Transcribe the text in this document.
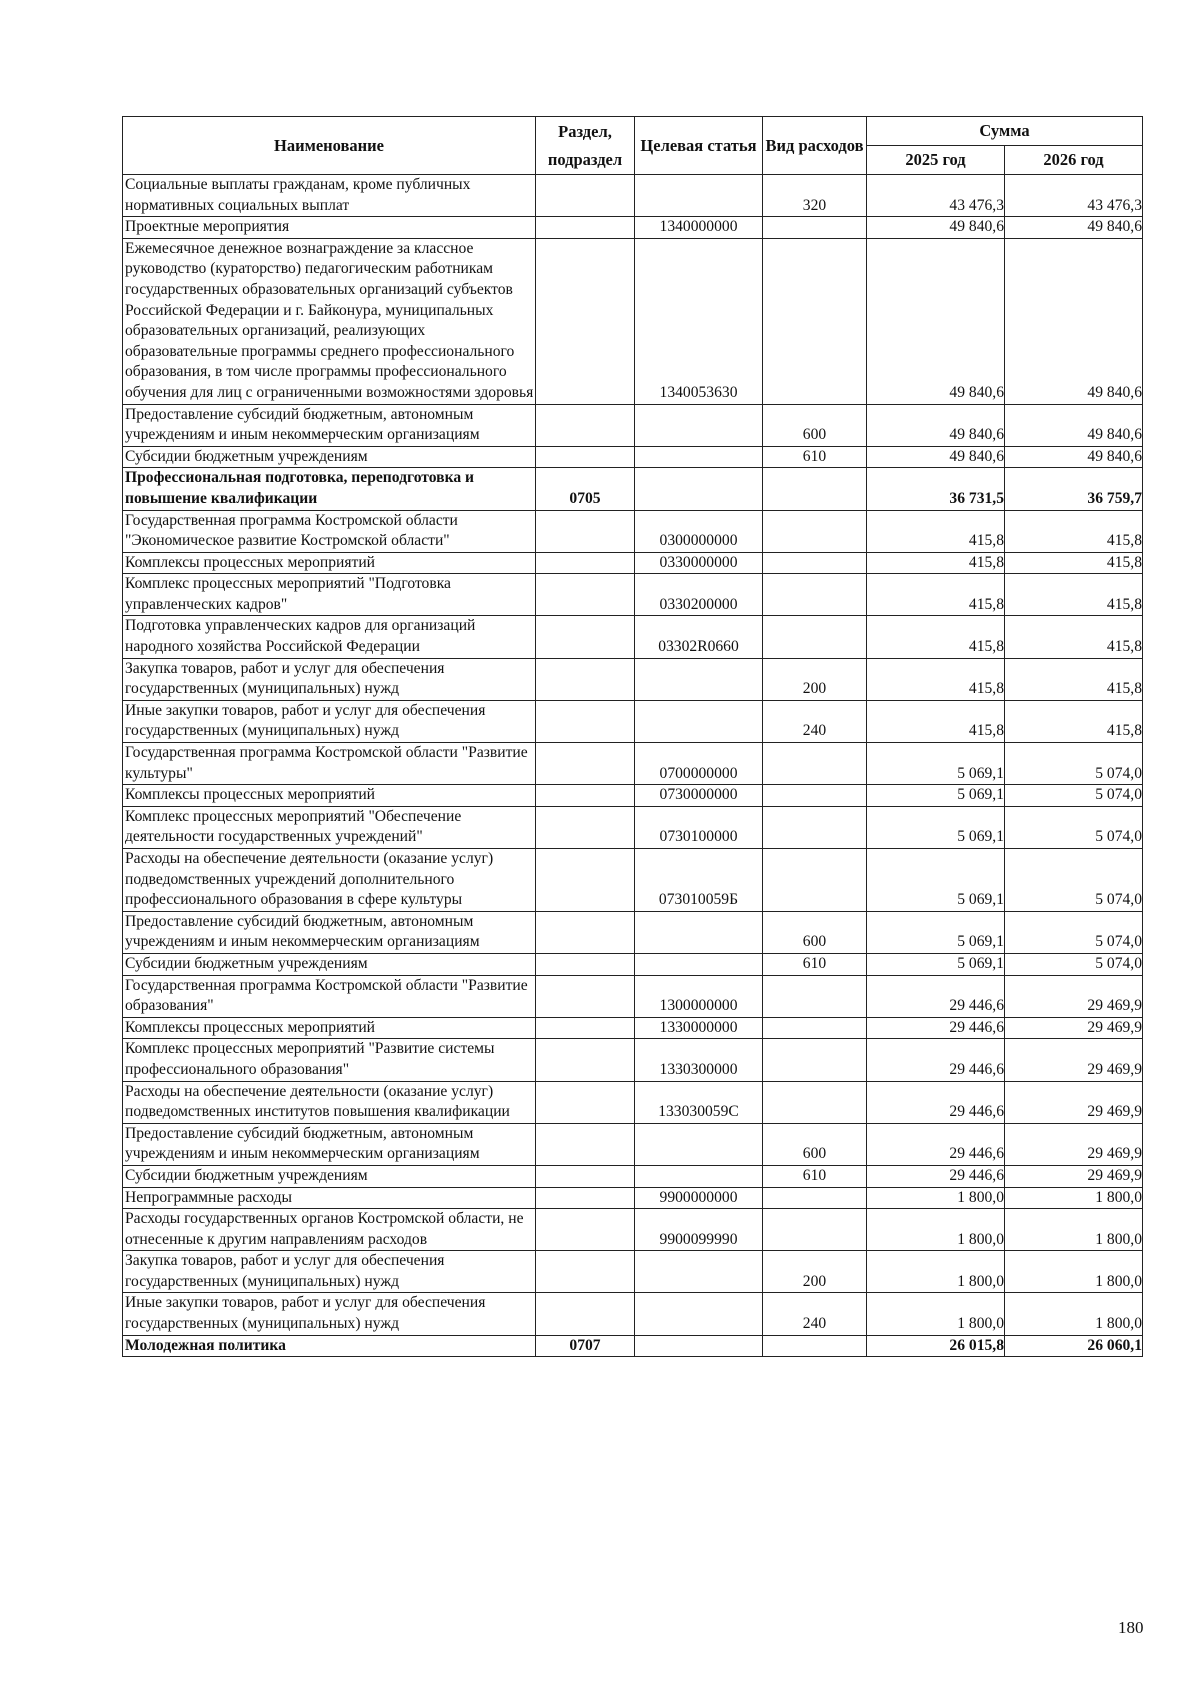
Наименование	Раздел, подраздел	Целевая статья	Вид расходов	Сумма	
				2025 год	2026 год
Социальные выплаты гражданам, кроме публичных нормативных социальных выплат			320	43 476,3	43 476,3
Проектные мероприятия		1340000000		49 840,6	49 840,6
Ежемесячное денежное вознаграждение за классное руководство (кураторство) педагогическим работникам государственных образовательных организаций субъектов Российской Федерации и г. Байконура, муниципальных образовательных организаций, реализующих образовательные программы среднего профессионального образования, в том числе программы профессионального обучения для лиц с ограниченными возможностями здоровья		1340053630		49 840,6	49 840,6
Предоставление субсидий бюджетным, автономным учреждениям и иным некоммерческим организациям			600	49 840,6	49 840,6
Субсидии бюджетным учреждениям			610	49 840,6	49 840,6
Профессиональная подготовка, переподготовка и повышение квалификации	0705			36 731,5	36 759,7
Государственная программа Костромской области "Экономическое развитие Костромской области"		0300000000		415,8	415,8
Комплексы процессных мероприятий		0330000000		415,8	415,8
Комплекс процессных мероприятий "Подготовка управленческих кадров"		0330200000		415,8	415,8
Подготовка управленческих кадров для организаций народного хозяйства Российской Федерации		03302R0660		415,8	415,8
Закупка товаров, работ и услуг для обеспечения государственных (муниципальных) нужд			200	415,8	415,8
Иные закупки товаров, работ и услуг для обеспечения государственных (муниципальных) нужд			240	415,8	415,8
Государственная программа Костромской области "Развитие культуры"		0700000000		5 069,1	5 074,0
Комплексы процессных мероприятий		0730000000		5 069,1	5 074,0
Комплекс процессных мероприятий "Обеспечение деятельности государственных учреждений"		0730100000		5 069,1	5 074,0
Расходы на обеспечение деятельности (оказание услуг) подведомственных учреждений дополнительного профессионального образования в сфере культуры		073010059Б		5 069,1	5 074,0
Предоставление субсидий бюджетным, автономным учреждениям и иным некоммерческим организациям			600	5 069,1	5 074,0
Субсидии бюджетным учреждениям			610	5 069,1	5 074,0
Государственная программа Костромской области "Развитие образования"		1300000000		29 446,6	29 469,9
Комплексы процессных мероприятий		1330000000		29 446,6	29 469,9
Комплекс процессных мероприятий "Развитие системы профессионального образования"		1330300000		29 446,6	29 469,9
Расходы на обеспечение деятельности (оказание услуг) подведомственных институтов повышения квалификации		133030059С		29 446,6	29 469,9
Предоставление субсидий бюджетным, автономным учреждениям и иным некоммерческим организациям			600	29 446,6	29 469,9
Субсидии бюджетным учреждениям			610	29 446,6	29 469,9
Непрограммные расходы		9900000000		1 800,0	1 800,0
Расходы государственных органов Костромской области, не отнесенные к другим направлениям расходов		9900099990		1 800,0	1 800,0
Закупка товаров, работ и услуг для обеспечения государственных (муниципальных) нужд			200	1 800,0	1 800,0
Иные закупки товаров, работ и услуг для обеспечения государственных (муниципальных) нужд			240	1 800,0	1 800,0
Молодежная политика	0707			26 015,8	26 060,1
180
